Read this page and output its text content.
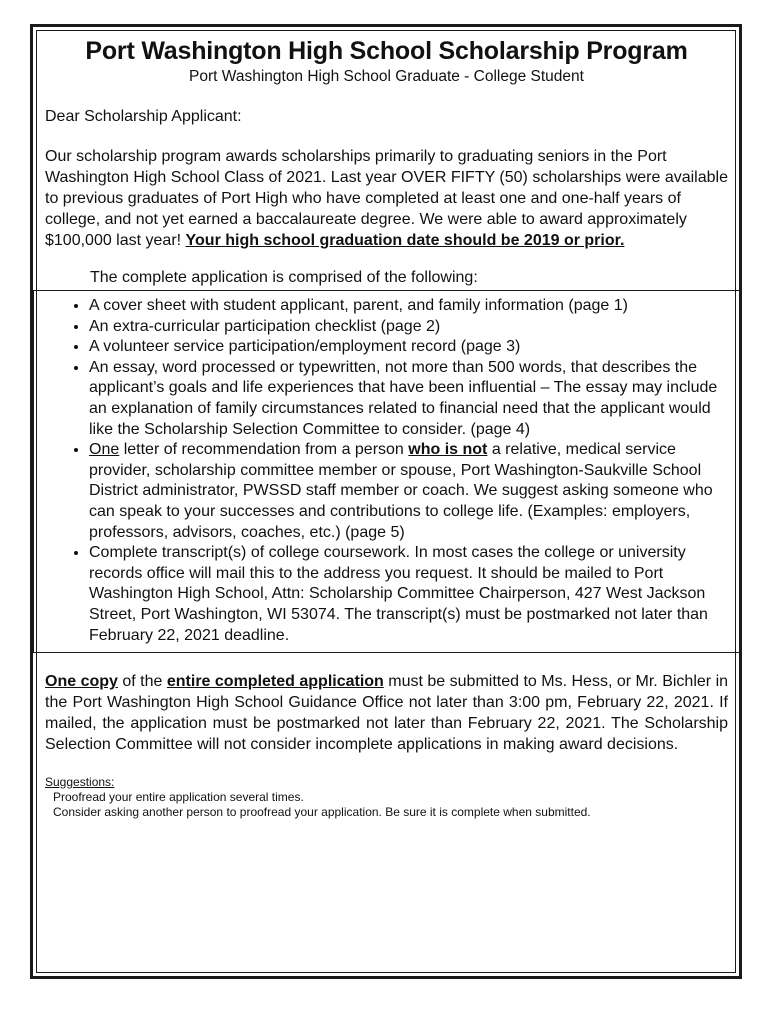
Port Washington High School Scholarship Program
Port Washington High School Graduate - College Student

Dear Scholarship Applicant:

Our scholarship program awards scholarships primarily to graduating seniors in the Port Washington High School Class of 2021. Last year OVER FIFTY (50) scholarships were available to previous graduates of Port High who have completed at least one and one-half years of college, and not yet earned a baccalaureate degree. We were able to award approximately $100,000 last year! Your high school graduation date should be 2019 or prior.

The complete application is comprised of the following:

• A cover sheet with student applicant, parent, and family information (page 1)
• An extra-curricular participation checklist (page 2)
• A volunteer service participation/employment record (page 3)
• An essay, word processed or typewritten, not more than 500 words, that describes the applicant’s goals and life experiences that have been influential – The essay may include an explanation of family circumstances related to financial need that the applicant would like the Scholarship Selection Committee to consider. (page 4)
• One letter of recommendation from a person who is not a relative, medical service provider, scholarship committee member or spouse, Port Washington-Saukville School District administrator, PWSSD staff member or coach. We suggest asking someone who can speak to your successes and contributions to college life. (Examples: employers, professors, advisors, coaches, etc.) (page 5)
• Complete transcript(s) of college coursework. In most cases the college or university records office will mail this to the address you request. It should be mailed to Port Washington High School, Attn: Scholarship Committee Chairperson, 427 West Jackson Street, Port Washington, WI 53074. The transcript(s) must be postmarked not later than February 22, 2021 deadline.

One copy of the entire completed application must be submitted to Ms. Hess, or Mr. Bichler in the Port Washington High School Guidance Office not later than 3:00 pm, February 22, 2021. If mailed, the application must be postmarked not later than February 22, 2021. The Scholarship Selection Committee will not consider incomplete applications in making award decisions.

Suggestions:
Proofread your entire application several times.
Consider asking another person to proofread your application. Be sure it is complete when submitted.
